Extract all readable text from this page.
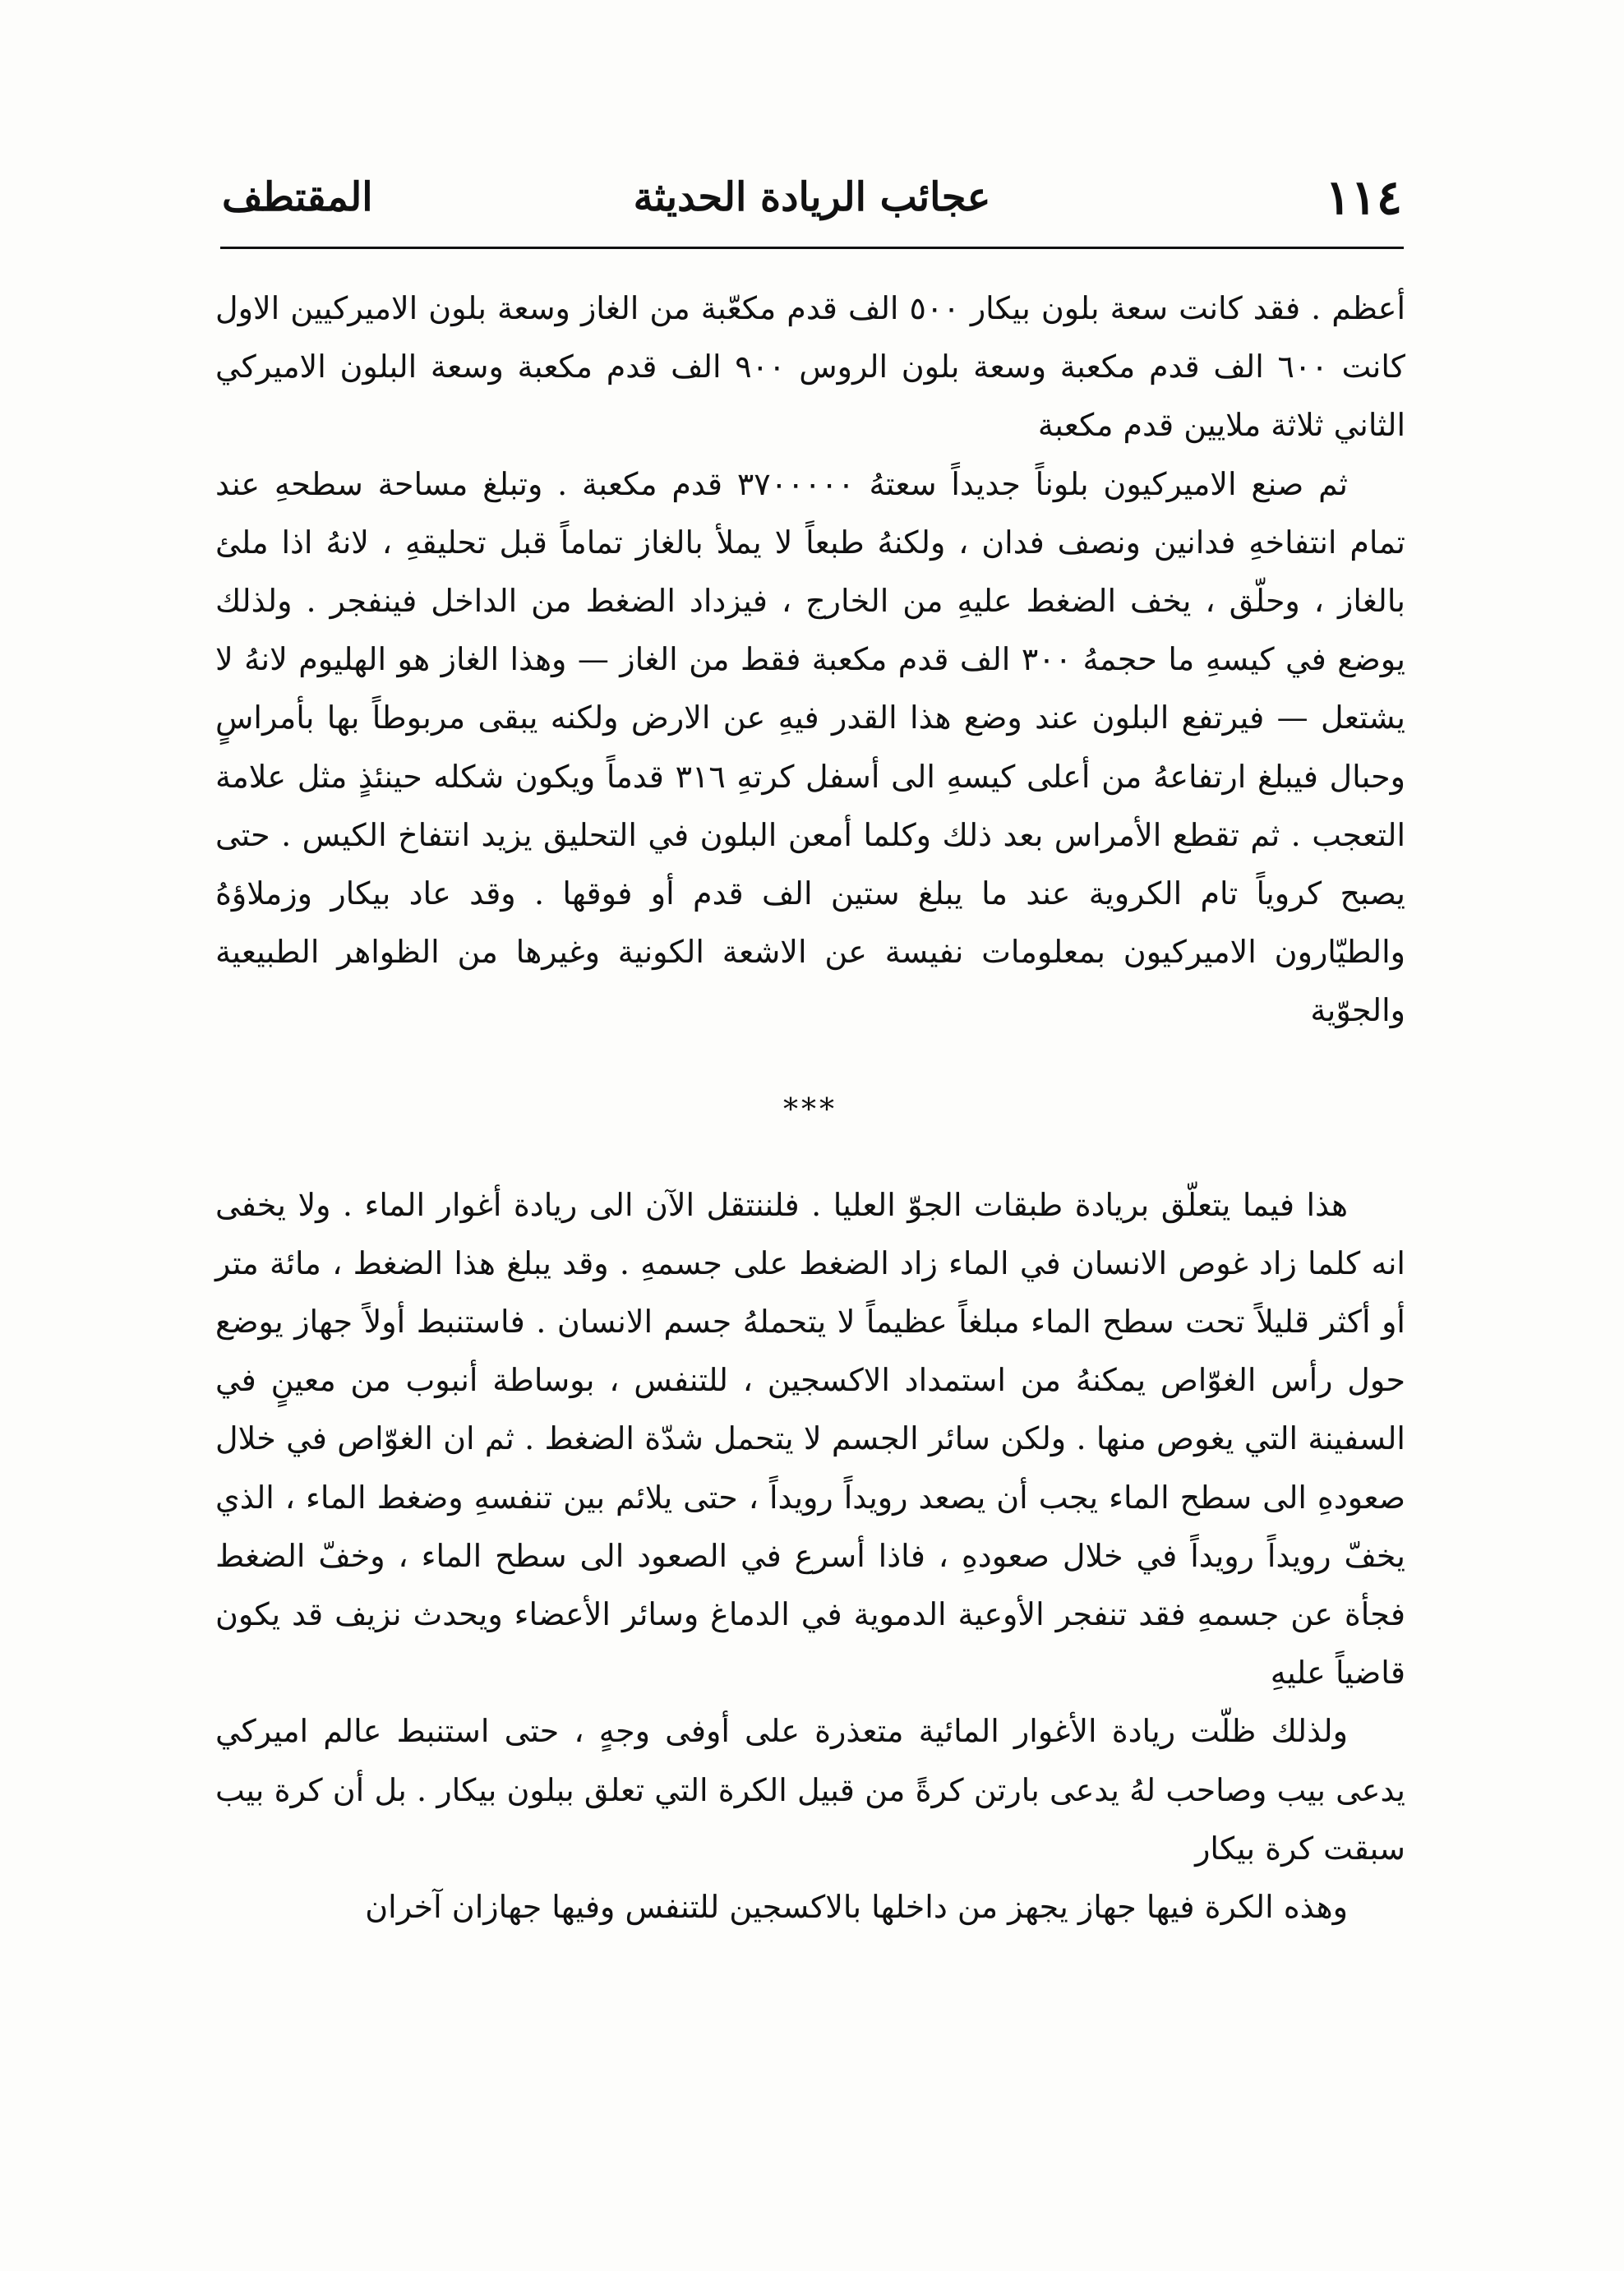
١١٤
عجائب الريادة الحديثة
المقتطف

أعظم . فقد كانت سعة بلون بيكار ٥٠٠ الف قدم مكعّبة من الغاز وسعة بلون الاميركيين الاول كانت ٦٠٠ الف قدم مكعبة وسعة بلون الروس ٩٠٠ الف قدم مكعبة وسعة البلون الاميركي الثاني ثلاثة ملايين قدم مكعبة

ثم صنع الاميركيون بلوناً جديداً سعتهُ ٣٧٠٠٠٠٠ قدم مكعبة . وتبلغ مساحة سطحهِ عند تمام انتفاخهِ فدانين ونصف فدان ، ولكنهُ طبعاً لا يملأ بالغاز تماماً قبل تحليقهِ ، لانهُ اذا ملئ بالغاز ، وحلّق ، يخف الضغط عليهِ من الخارج ، فيزداد الضغط من الداخل فينفجر . ولذلك يوضع في كيسهِ ما حجمهُ ٣٠٠ الف قدم مكعبة فقط من الغاز — وهذا الغاز هو الهليوم لانهُ لا يشتعل — فيرتفع البلون عند وضع هذا القدر فيهِ عن الارض ولكنه يبقى مربوطاً بها بأمراسٍ وحبال فيبلغ ارتفاعهُ من أعلى كيسهِ الى أسفل كرتهِ ٣١٦ قدماً ويكون شكله حينئذٍ مثل علامة التعجب . ثم تقطع الأمراس بعد ذلك وكلما أمعن البلون في التحليق يزيد انتفاخ الكيس . حتى يصبح كروياً تام الكروية عند ما يبلغ ستين الف قدم أو فوقها . وقد عاد بيكار وزملاؤهُ والطيّارون الاميركيون بمعلومات نفيسة عن الاشعة الكونية وغيرها من الظواهر الطبيعية والجوّية

***

هذا فيما يتعلّق بريادة طبقات الجوّ العليا . فلننتقل الآن الى ريادة أغوار الماء . ولا يخفى انه كلما زاد غوص الانسان في الماء زاد الضغط على جسمهِ . وقد يبلغ هذا الضغط ، مائة متر أو أكثر قليلاً تحت سطح الماء مبلغاً عظيماً لا يتحملهُ جسم الانسان . فاستنبط أولاً جهاز يوضع حول رأس الغوّاص يمكنهُ من استمداد الاكسجين ، للتنفس ، بوساطة أنبوب من معينٍ في السفينة التي يغوص منها . ولكن سائر الجسم لا يتحمل شدّة الضغط . ثم ان الغوّاص في خلال صعودهِ الى سطح الماء يجب أن يصعد رويداً رويداً ، حتى يلائم بين تنفسهِ وضغط الماء ، الذي يخفّ رويداً رويداً في خلال صعودهِ ، فاذا أسرع في الصعود الى سطح الماء ، وخفّ الضغط فجأة عن جسمهِ فقد تنفجر الأوعية الدموية في الدماغ وسائر الأعضاء ويحدث نزيف قد يكون قاضياً عليهِ

ولذلك ظلّت ريادة الأغوار المائية متعذرة على أوفى وجهٍ ، حتى استنبط عالم اميركي يدعى بيب وصاحب لهُ يدعى بارتن كرةً من قبيل الكرة التي تعلق ببلون بيكار . بل أن كرة بيب سبقت كرة بيكار

وهذه الكرة فيها جهاز يجهز من داخلها بالاكسجين للتنفس وفيها جهازان آخران
